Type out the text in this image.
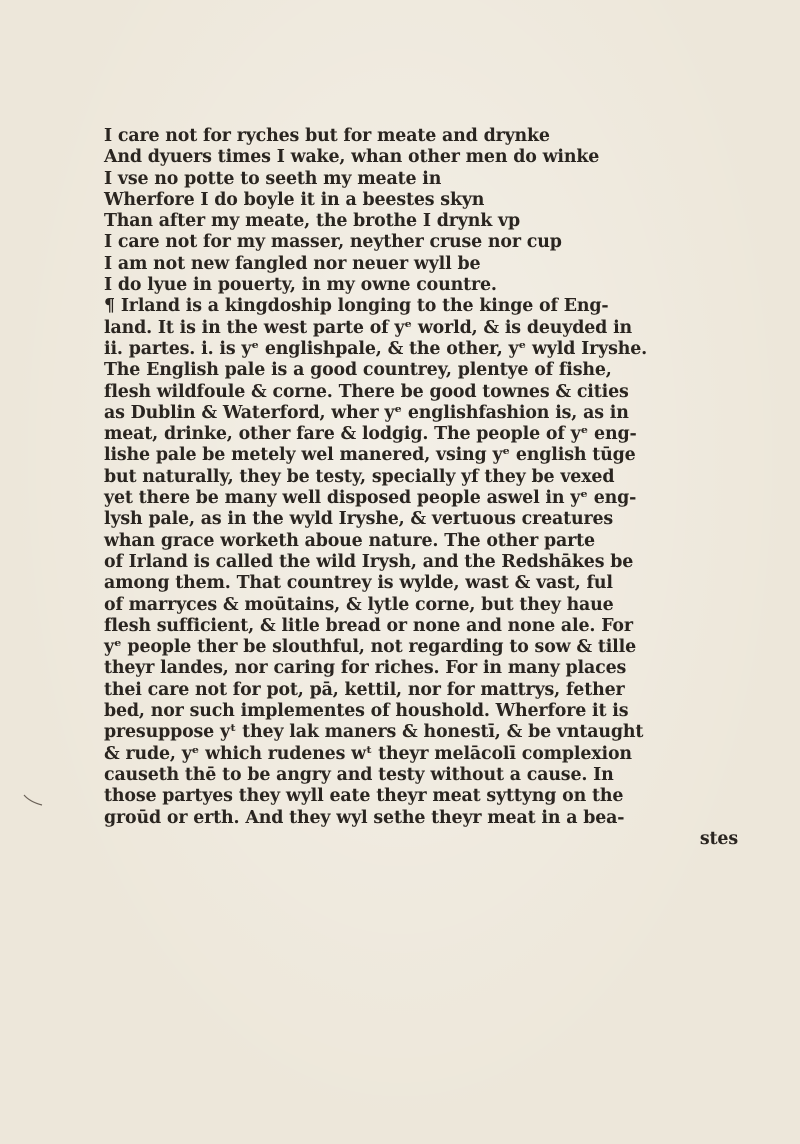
I care not for ryches but for meate and drynke
And dyuers times I wake, whan other men do winke
I vse no potte to seeth my meate in
Wherfore I do boyle it in a beestes skyn
Than after my meate, the brothe I drynk vp
I care not for my masser, neyther cruse nor cup
I am not new fangled nor neuer wyll be
I do lyue in pouerty, in my owne countre.
¶ Irland is a kingdoship longing to the kinge of Eng-
land. It is in the west parte of yᵉ world, & is deuyded in
ii. partes. i. is yᵉ englishpale, & the other, yᵉ wyld Iryshe.
The English pale is a good countrey, plentye of fishe,
flesh wildfoule & corne. There be good townes & cities
as Dublin & Waterford, wher yᵉ englishfashion is, as in
meat, drinke, other fare & lodgig. The people of yᵉ eng-
lishe pale be metely wel manered, vsing yᵉ english tūge
but naturally, they be testy, specially yf they be vexed
yet there be many well disposed people aswel in yᵉ eng-
lysh pale, as in the wyld Iryshe, & vertuous creatures
whan grace worketh aboue nature. The other parte
of Irland is called the wild Irysh, and the Redshākes be
among them. That countrey is wylde, wast & vast, ful
of marryces & moūtains, & lytle corne, but they haue
flesh sufficient, & litle bread or none and none ale. For
yᵉ people ther be slouthful, not regarding to sow & tille
theyr landes, nor caring for riches. For in many places
thei care not for pot, pā, kettil, nor for mattrys, fether
bed, nor such implementes of houshold. Wherfore it is
presuppose yᵗ they lak maners & honestī, & be vntaught
& rude, yᵉ which rudenes wᵗ theyr melācolī complexion
causeth thē to be angry and testy without a cause. In
those partyes they wyll eate theyr meat syttyng on the
groūd or erth. And they wyl sethe theyr meat in a bea-
stes
